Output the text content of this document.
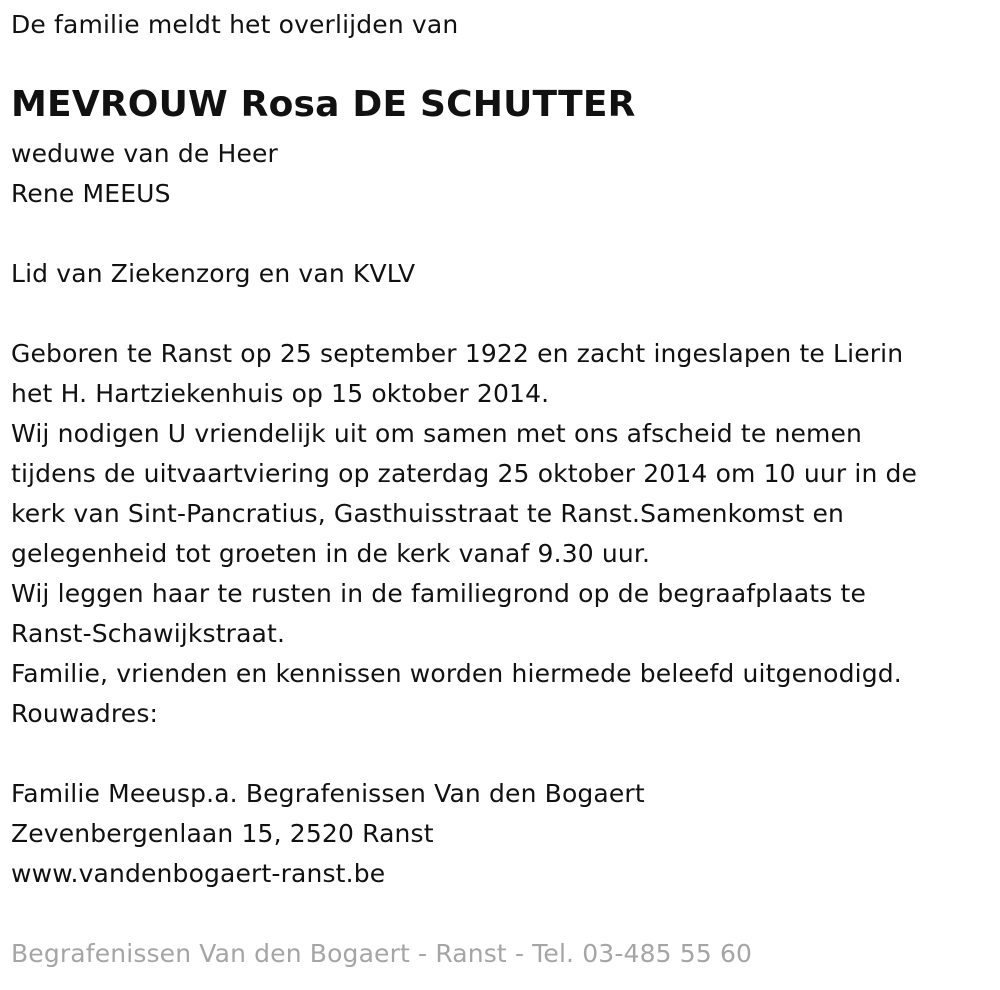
De familie meldt het overlijden van
MEVROUW Rosa DE SCHUTTER
weduwe van de Heer
Rene MEEUS
Lid van Ziekenzorg en van KVLV
Geboren te Ranst op 25 september 1922 en zacht ingeslapen te Lierin
het H. Hartziekenhuis op 15 oktober 2014.
Wij nodigen U vriendelijk uit om samen met ons afscheid te nemen
tijdens de uitvaartviering op zaterdag 25 oktober 2014 om 10 uur in de
kerk van Sint-Pancratius, Gasthuisstraat te Ranst.Samenkomst en
gelegenheid tot groeten in de kerk vanaf 9.30 uur.
Wij leggen haar te rusten in de familiegrond op de begraafplaats te
Ranst-Schawijkstraat.
Familie, vrienden en kennissen worden hiermede beleefd uitgenodigd.
Rouwadres:
Familie Meeusp.a. Begrafenissen Van den Bogaert
Zevenbergenlaan 15, 2520 Ranst
www.vandenbogaert-ranst.be
Begrafenissen Van den Bogaert - Ranst - Tel. 03-485 55 60
